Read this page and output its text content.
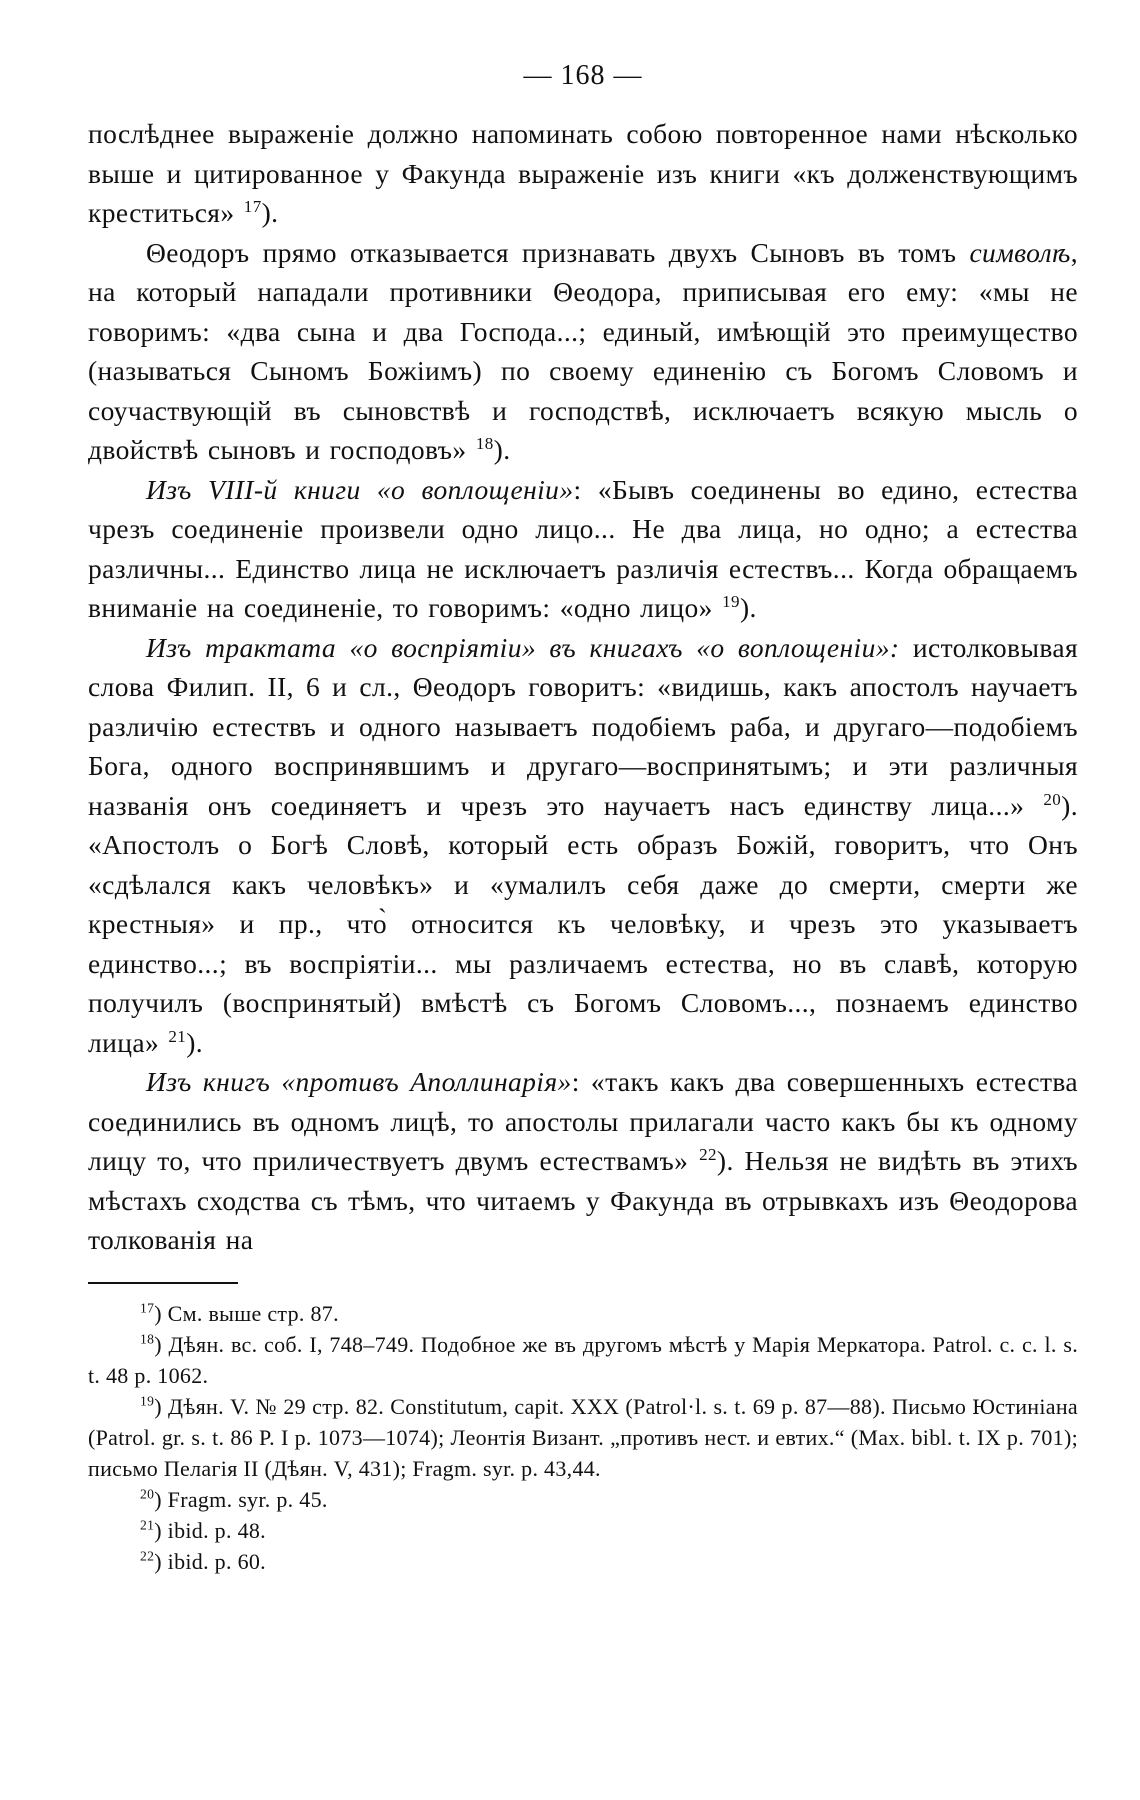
— 168 —

послѣднее выраженіе должно напоминать собою повторенное нами нѣсколько выше и цитированное у Факунда выраженіе изъ книги «къ долженствующимъ креститься» $^{17}$).

Θеодоръ прямо отказывается признавать двухъ Сыновъ въ томъ символѣ, на который нападали противники Θеодора, приписывая его ему: «мы не говоримъ: «два сына и два Господа...; единый, имѣющій это преимущество (называться Сыномъ Божіимъ) по своему единенію съ Богомъ Словомъ и соучаствующій въ сыновствѣ и господствѣ, исключаетъ всякую мысль о двойствѣ сыновъ и господовъ» $^{18}$).

Изъ VIII-й книги «о воплощеніи»: «Бывъ соединены во едино, естества чрезъ соединеніе произвели одно лицо... Не два лица, но одно; а естества различны... Единство лица не исключаетъ различія естествъ... Когда обращаемъ вниманіе на соединеніе, то говоримъ: «одно лицо» $^{19}$).

Изъ трактата «о воспріятіи» въ книгахъ «о воплощеніи»: истолковывая слова Филип. II, 6 и сл., Θеодоръ говоритъ: «видишь, какъ апостолъ научаетъ различію естествъ и одного называетъ подобіемъ раба, и другаго—подобіемъ Бога, одного воспринявшимъ и другаго—воспринятымъ; и эти различныя названія онъ соединяетъ и чрезъ это научаетъ насъ единству лица...» $^{20}$). «Апостолъ о Богѣ Словѣ, который есть образъ Божій, говоритъ, что Онъ «сдѣлался какъ человѣкъ» и «умалилъ себя даже до смерти, смерти же крестныя» и пр., что̀ относится къ человѣку, и чрезъ это указываетъ единство...; въ воспріятіи... мы различаемъ естества, но въ славѣ, которую получилъ (воспринятый) вмѣстѣ съ Богомъ Словомъ..., познаемъ единство лица» $^{21}$).

Изъ книгъ «противъ Аполлинарія»: «такъ какъ два совершенныхъ естества соединились въ одномъ лицѣ, то апостолы прилагали часто какъ бы къ одному лицу то, что приличествуетъ двумъ естествамъ» $^{22}$). Нельзя не видѣть въ этихъ мѣстахъ сходства съ тѣмъ, что читаемъ у Факунда въ отрывкахъ изъ Θеодорова толкованія на

$^{17}$) См. выше стр. 87.

$^{18}$) Дѣян. вс. соб. I, 748–749. Подобное же въ другомъ мѣстѣ у Марія Меркатора. Patrol. c. c. l. s. t. 48 p. 1062.

$^{19}$) Дѣян. V. № 29 стр. 82. Constitutum, capit. XXX (Patrol·l. s. t. 69 p. 87—88). Письмо Юстиніана (Patrol. gr. s. t. 86 P. I p. 1073—1074); Леонтія Визант. „противъ нест. и евтих.“ (Max. bibl. t. IX p. 701); письмо Пелагія II (Дѣян. V, 431); Fragm. syr. p. 43,44.

$^{20}$) Fragm. syr. p. 45.

$^{21}$) ibid. p. 48.

$^{22}$) ibid. p. 60.
